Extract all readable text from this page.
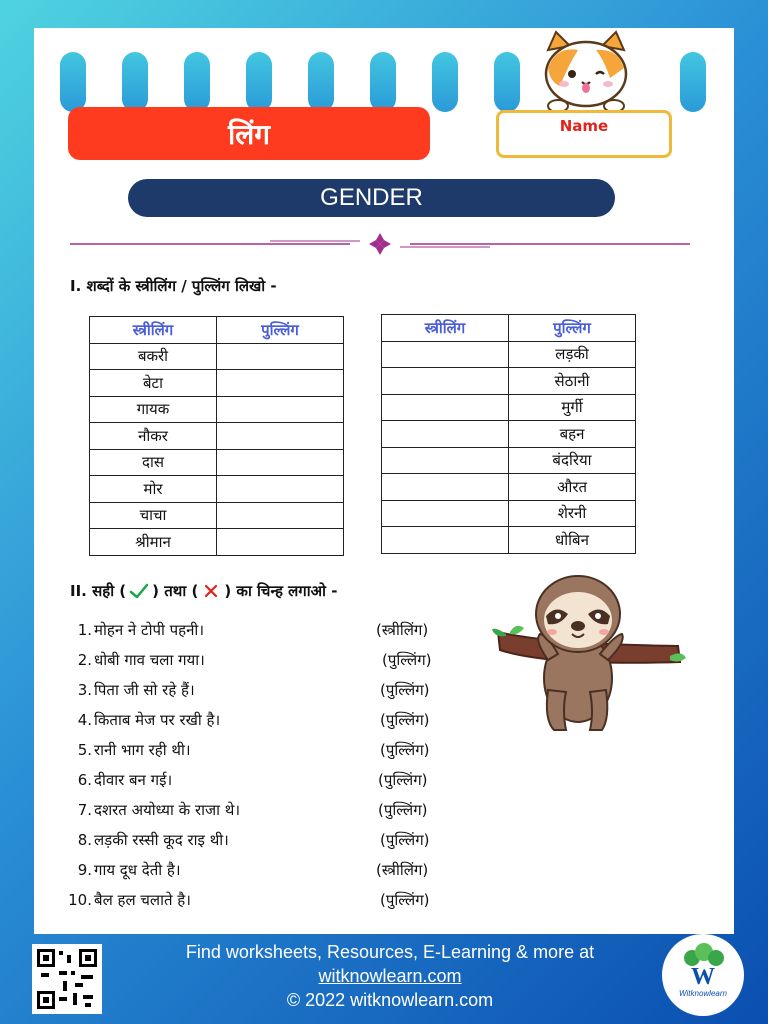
लिंग	Name
GENDER
I. शब्दों के स्त्रीलिंग / पुल्लिंग लिखो -
स्त्रीलिंग	पुल्लिंग
बकरी	
बेटा	
गायक	
नौकर	
दास	
मोर	
चाचा	
श्रीमान	
स्त्रीलिंग	पुल्लिंग
	लड़की
	सेठानी
	मुर्गी
	बहन
	बंदरिया
	औरत
	शेरनी
	धोबिन
II. सही ( ) तथा ( ) का चिन्ह लगाओ -
1. मोहन ने टोपी पहनी।	(स्त्रीलिंग)
2. धोबी गाव चला गया।	(पुल्लिंग)
3. पिता जी सो रहे हैं।	(पुल्लिंग)
4. किताब मेज पर रखी है।	(पुल्लिंग)
5. रानी भाग रही थी।	(पुल्लिंग)
6. दीवार बन गई।	(पुल्लिंग)
7. दशरत अयोध्या के राजा थे।	(पुल्लिंग)
8. लड़की रस्सी कूद राइ थी।	(पुल्लिंग)
9. गाय दूध देती है।	(स्त्रीलिंग)
10. बैल हल चलाते है।	(पुल्लिंग)
Find worksheets, Resources, E-Learning & more at
witknowlearn.com
© 2022 witknowlearn.com
W
Witknowlearn
